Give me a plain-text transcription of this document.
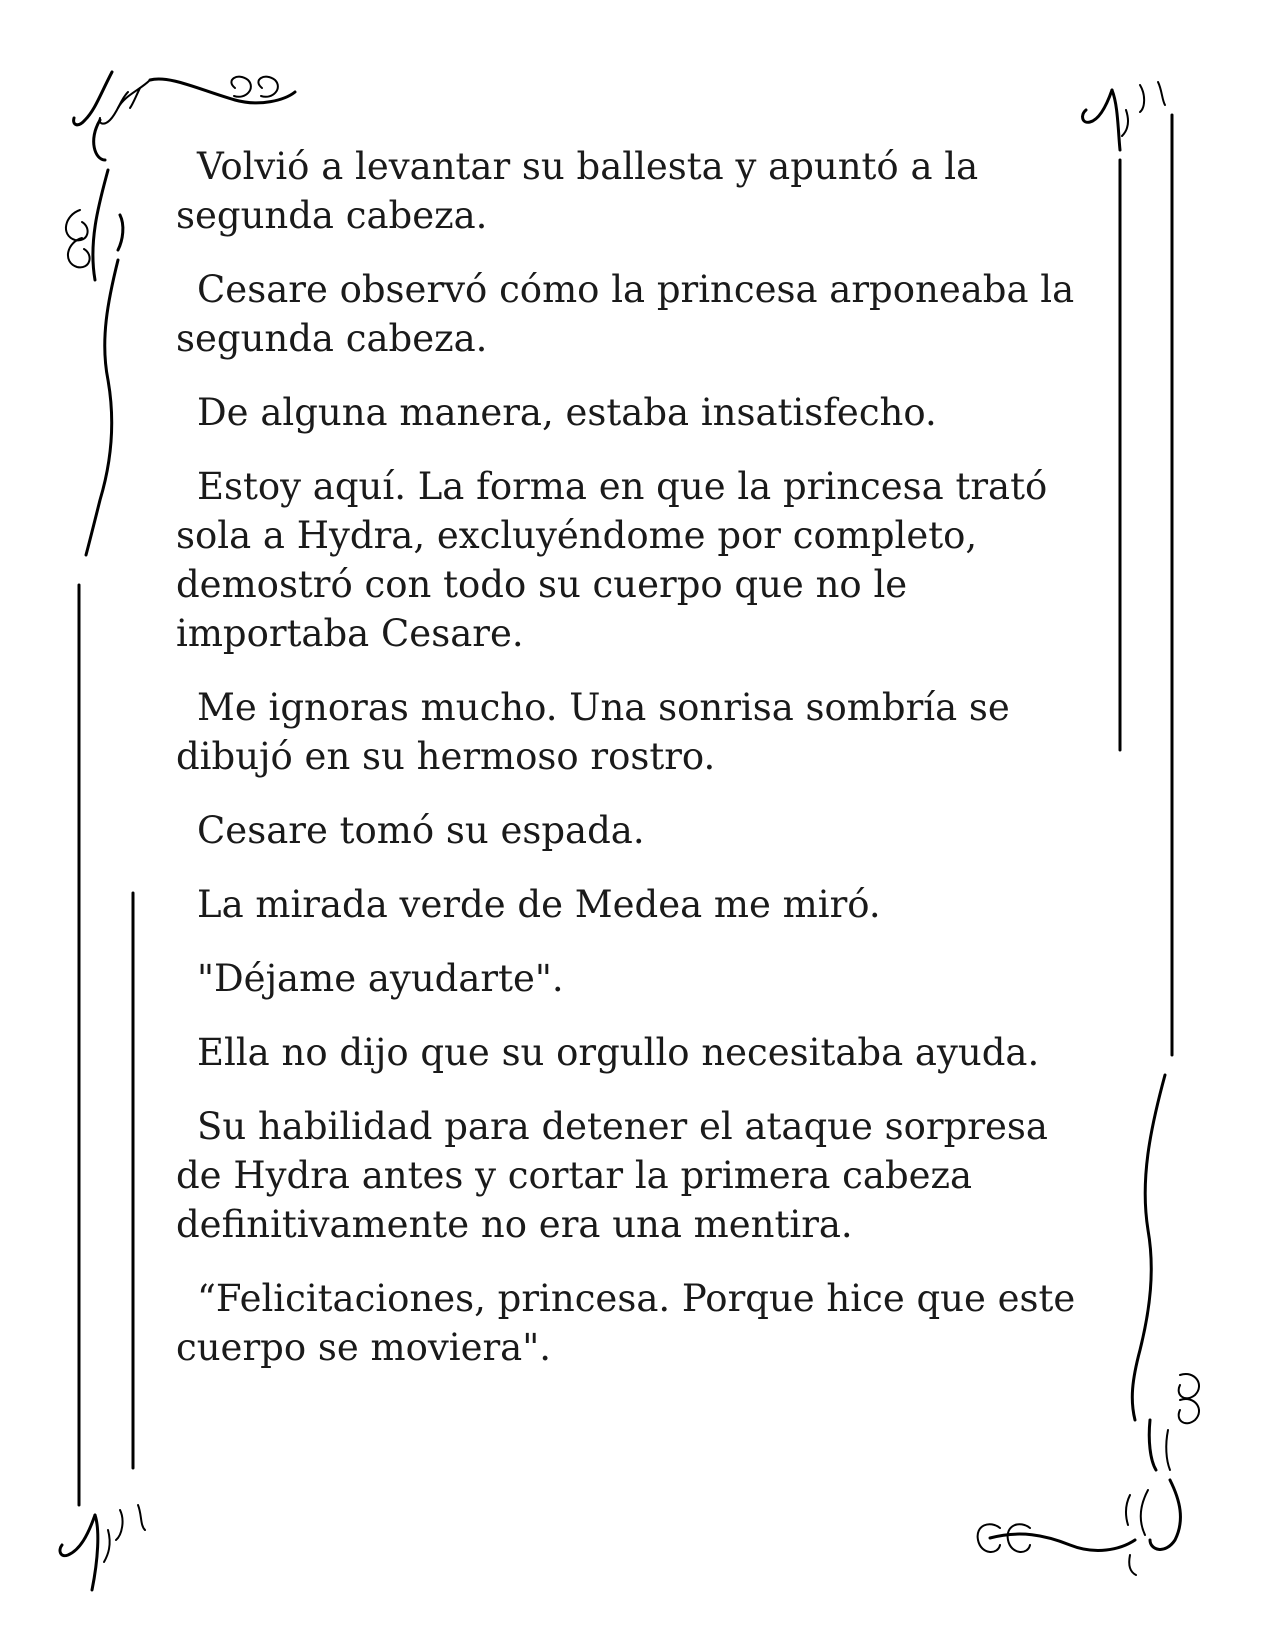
Volvió a levantar su ballesta y apuntó a la segunda cabeza.

Cesare observó cómo la princesa arponeaba la segunda cabeza.

De alguna manera, estaba insatisfecho.

Estoy aquí. La forma en que la princesa trató sola a Hydra, excluyéndome por completo, demostró con todo su cuerpo que no le importaba Cesare.

Me ignoras mucho. Una sonrisa sombría se dibujó en su hermoso rostro.

Cesare tomó su espada.

La mirada verde de Medea me miró.

"Déjame ayudarte".

Ella no dijo que su orgullo necesitaba ayuda.

Su habilidad para detener el ataque sorpresa de Hydra antes y cortar la primera cabeza definitivamente no era una mentira.

“Felicitaciones, princesa. Porque hice que este cuerpo se moviera".
